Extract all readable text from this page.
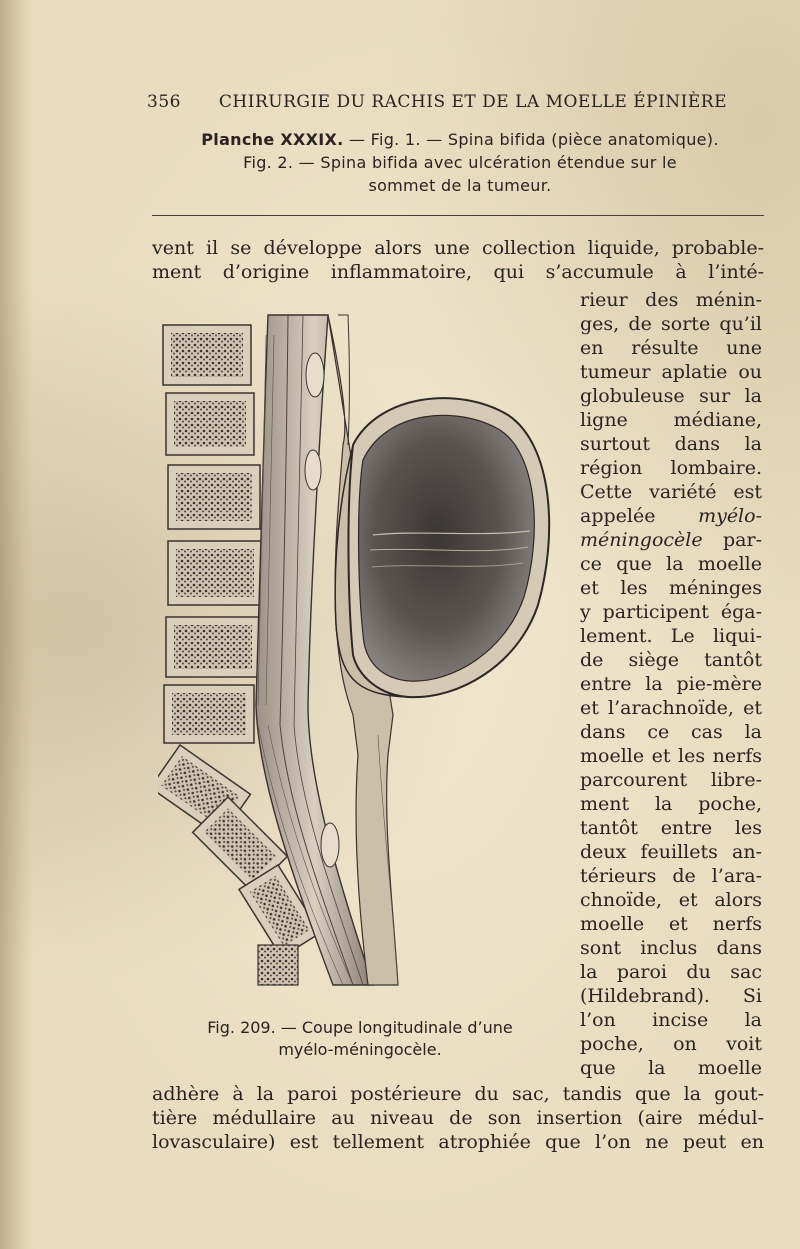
356 CHIRURGIE DU RACHIS ET DE LA MOELLE ÉPINIÈRE
Planche XXXIX. — Fig. 1. — Spina bifida (pièce anatomique).
Fig. 2. — Spina bifida avec ulcération étendue sur le
sommet de la tumeur.
vent il se développe alors une collection liquide, probable-
ment d’origine inflammatoire, qui s’accumule à l’inté-
rieur des ménin-
ges, de sorte qu’il
en résulte une
tumeur aplatie ou
globuleuse sur la
ligne médiane,
surtout dans la
région lombaire.
Cette variété est
appelée myélo-
méningocèle par-
ce que la moelle
et les méninges
y participent éga-
lement. Le liqui-
de siège tantôt
entre la pie-mère
et l’arachnoïde, et
dans ce cas la
moelle et les nerfs
parcourent libre-
ment la poche,
tantôt entre les
deux feuillets an-
térieurs de l’ara-
chnoïde, et alors
moelle et nerfs
sont inclus dans
la paroi du sac
(Hildebrand). Si
l’on incise la
poche, on voit
que la moelle
Fig. 209. — Coupe longitudinale d’une
myélo-méningocèle.
adhère à la paroi postérieure du sac, tandis que la gout-
tière médullaire au niveau de son insertion (aire médul-
lovasculaire) est tellement atrophiée que l’on ne peut en
